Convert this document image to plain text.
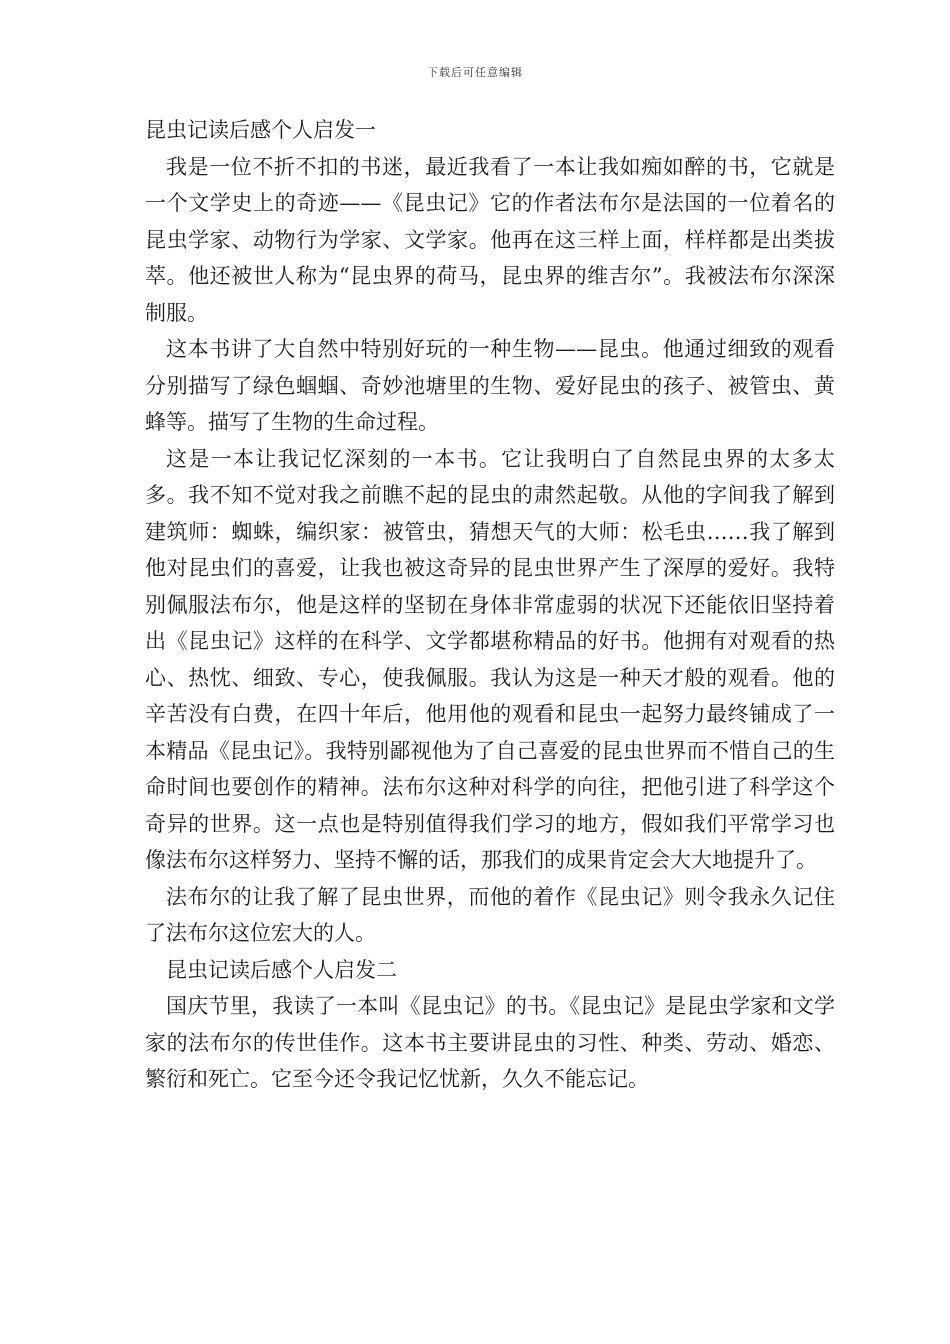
下载后可任意编辑

昆虫记读后感个人启发一

我是一位不折不扣的书迷，最近我看了一本让我如痴如醉的书，它就是一个文学史上的奇迹——《昆虫记》它的作者法布尔是法国的一位着名的昆虫学家、动物行为学家、文学家。他再在这三样上面，样样都是出类拔萃。他还被世人称为“昆虫界的荷马，昆虫界的维吉尔”。我被法布尔深深制服。

这本书讲了大自然中特别好玩的一种生物——昆虫。他通过细致的观看分别描写了绿色蝈蝈、奇妙池塘里的生物、爱好昆虫的孩子、被管虫、黄蜂等。描写了生物的生命过程。

这是一本让我记忆深刻的一本书。它让我明白了自然昆虫界的太多太多。我不知不觉对我之前瞧不起的昆虫的肃然起敬。从他的字间我了解到建筑师：蜘蛛，编织家：被管虫，猜想天气的大师：松毛虫……我了解到他对昆虫们的喜爱，让我也被这奇异的昆虫世界产生了深厚的爱好。我特别佩服法布尔，他是这样的坚韧在身体非常虚弱的状况下还能依旧坚持着出《昆虫记》这样的在科学、文学都堪称精品的好书。他拥有对观看的热心、热忱、细致、专心，使我佩服。我认为这是一种天才般的观看。他的辛苦没有白费，在四十年后，他用他的观看和昆虫一起努力最终铺成了一本精品《昆虫记》。我特别鄙视他为了自己喜爱的昆虫世界而不惜自己的生命时间也要创作的精神。法布尔这种对科学的向往，把他引进了科学这个奇异的世界。这一点也是特别值得我们学习的地方，假如我们平常学习也像法布尔这样努力、坚持不懈的话，那我们的成果肯定会大大地提升了。

法布尔的让我了解了昆虫世界，而他的着作《昆虫记》则令我永久记住了法布尔这位宏大的人。

昆虫记读后感个人启发二

国庆节里，我读了一本叫《昆虫记》的书。《昆虫记》是昆虫学家和文学家的法布尔的传世佳作。这本书主要讲昆虫的习性、种类、劳动、婚恋、繁衍和死亡。它至今还令我记忆忧新，久久不能忘记。
